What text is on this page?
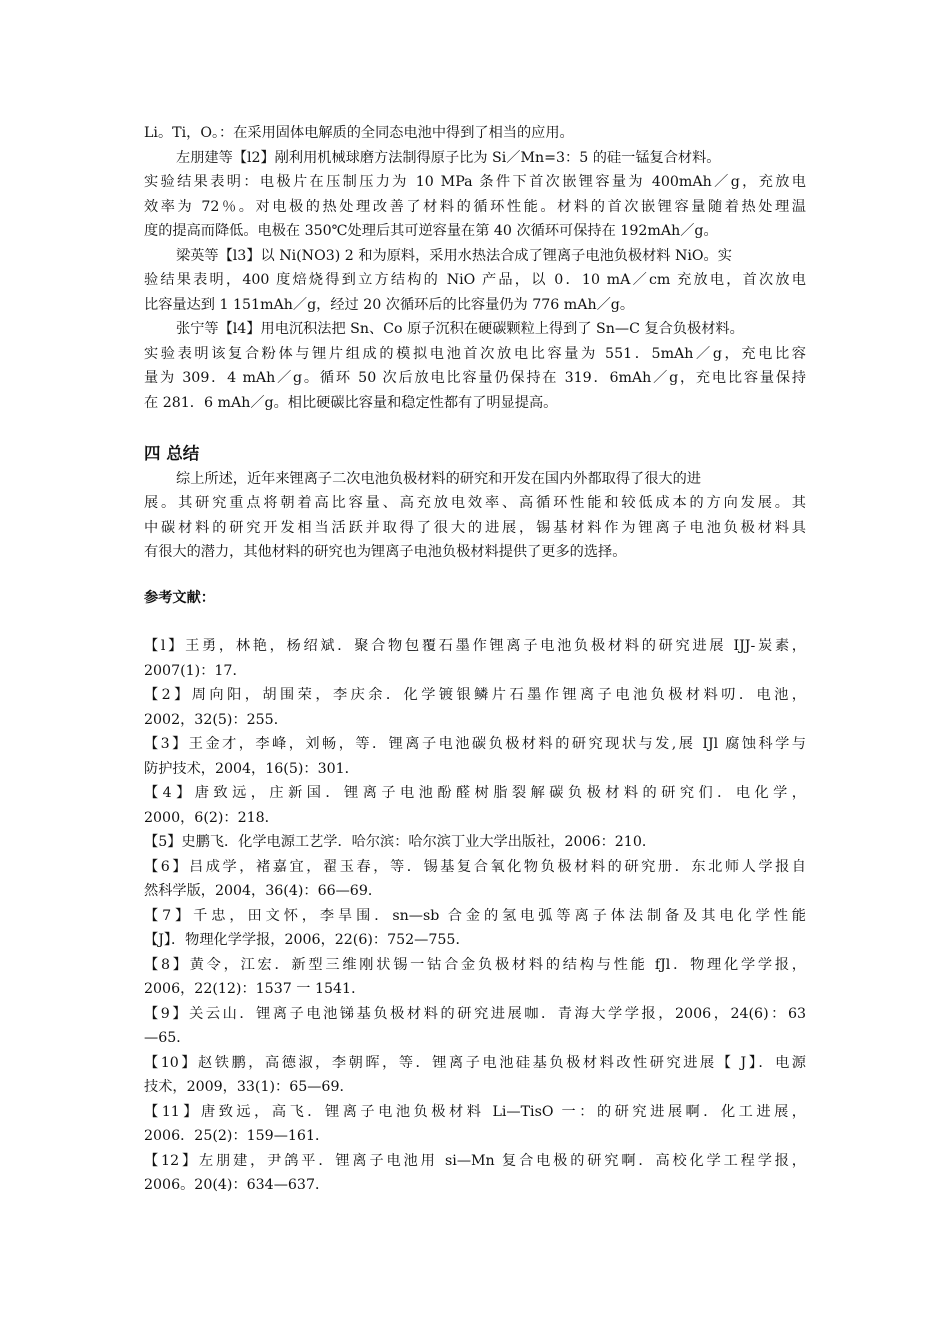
Li。Ti，O。：在采用固体电解质的全同态电池中得到了相当的应用。
左朋建等【l2】剐利用机械球磨方法制得原子比为 Si／Mn=3：5 的硅一锰复合材料。
实验结果表明：电极片在压制压力为 10 MPa 条件下首次嵌锂容量为 400mAh／g，充放电
效率为 72％。对电极的热处理改善了材料的循环性能。材料的首次嵌锂容量随着热处理温
度的提高而降低。电极在 350℃处理后其可逆容量在第 40 次循环可保持在 192mAh／g。
梁英等【l3】以 Ni(NO3) 2 和为原料，采用水热法合成了锂离子电池负极材料 NiO。实
验结果表明，400 度焙烧得到立方结构的 NiO 产品，以 0．10 mA／cm 充放电，首次放电
比容量达到 1 151mAh／g，经过 20 次循环后的比容量仍为 776 mAh／g。
张宁等【l4】用电沉积法把 Sn、Co 原子沉积在硬碳颗粒上得到了 Sn—C 复合负极材料。
实验表明该复合粉体与锂片组成的模拟电池首次放电比容量为 551．5mAh／g，充电比容
量为 309．4 mAh／g。循环 50 次后放电比容量仍保持在 319．6mAh／g，充电比容量保持
在 281．6 mAh／g。相比硬碳比容量和稳定性都有了明显提高。
四 总结
综上所述，近年来锂离子二次电池负极材料的研究和开发在国内外都取得了很大的进
展。其研究重点将朝着高比容量、高充放电效率、高循环性能和较低成本的方向发展。其
中碳材料的研究开发相当活跃并取得了很大的进展，锡基材料作为锂离子电池负极材料具
有很大的潜力，其他材料的研究也为锂离子电池负极材料提供了更多的选择。
参考文献：
【l】王勇，林艳，杨绍斌．聚合物包覆石墨作锂离子电池负极材料的研究进展 IJJ-炭素，
2007(1)：17．
【2】周向阳，胡围荣，李庆余．化学镀银鳞片石墨作锂离子电池负极材料叨．电池，
2002，32(5)：255．
【3】王金才，李峰，刘畅，等．锂离子电池碳负极材料的研究现状与发,展 IJl 腐蚀科学与
防护技术，2004，16(5)：301．
【4】唐致远，庄新国．锂离子电池酚醛树脂裂解碳负极材料的研究们．电化学，
2000，6(2)：218．
【5】史鹏飞．化学电源工艺学．哈尔滨：哈尔滨丁业大学出版社，2006：210．
【6】吕成学，褚嘉宜，翟玉春，等．锡基复合氧化物负极材料的研究册．东北师人学报自
然科学版，2004，36(4)：66—69．
【7】千忠，田文怀，李旱围．sn—sb 合金的氢电弧等离子体法制备及其电化学性能
【J】．物理化学学报，2006，22(6)：752—755．
【8】黄令，江宏．新型三维刚状锡一钴合金负极材料的结构与性能 fJl．物理化学学报，
2006，22(12)：1537 一 1541．
【9】关云山．锂离子电池锑基负极材料的研究进展咖．青海大学学报，2006，24(6)：63
—65．
【10】赵铁鹏，高德淑，李朝晖，等．锂离子电池硅基负极材料改性研究进展【 J】．电源
技术，2009，33(1)：65—69．
【11】唐致远，高飞．锂离子电池负极材料 Li—TisO 一：的研究进展啊．化工进展，
2006．25(2)：159—161．
【12】左朋建，尹鸽平．锂离子电池用 si—Mn 复合电极的研究啊．高校化学工程学报，
2006。20(4)：634—637．
